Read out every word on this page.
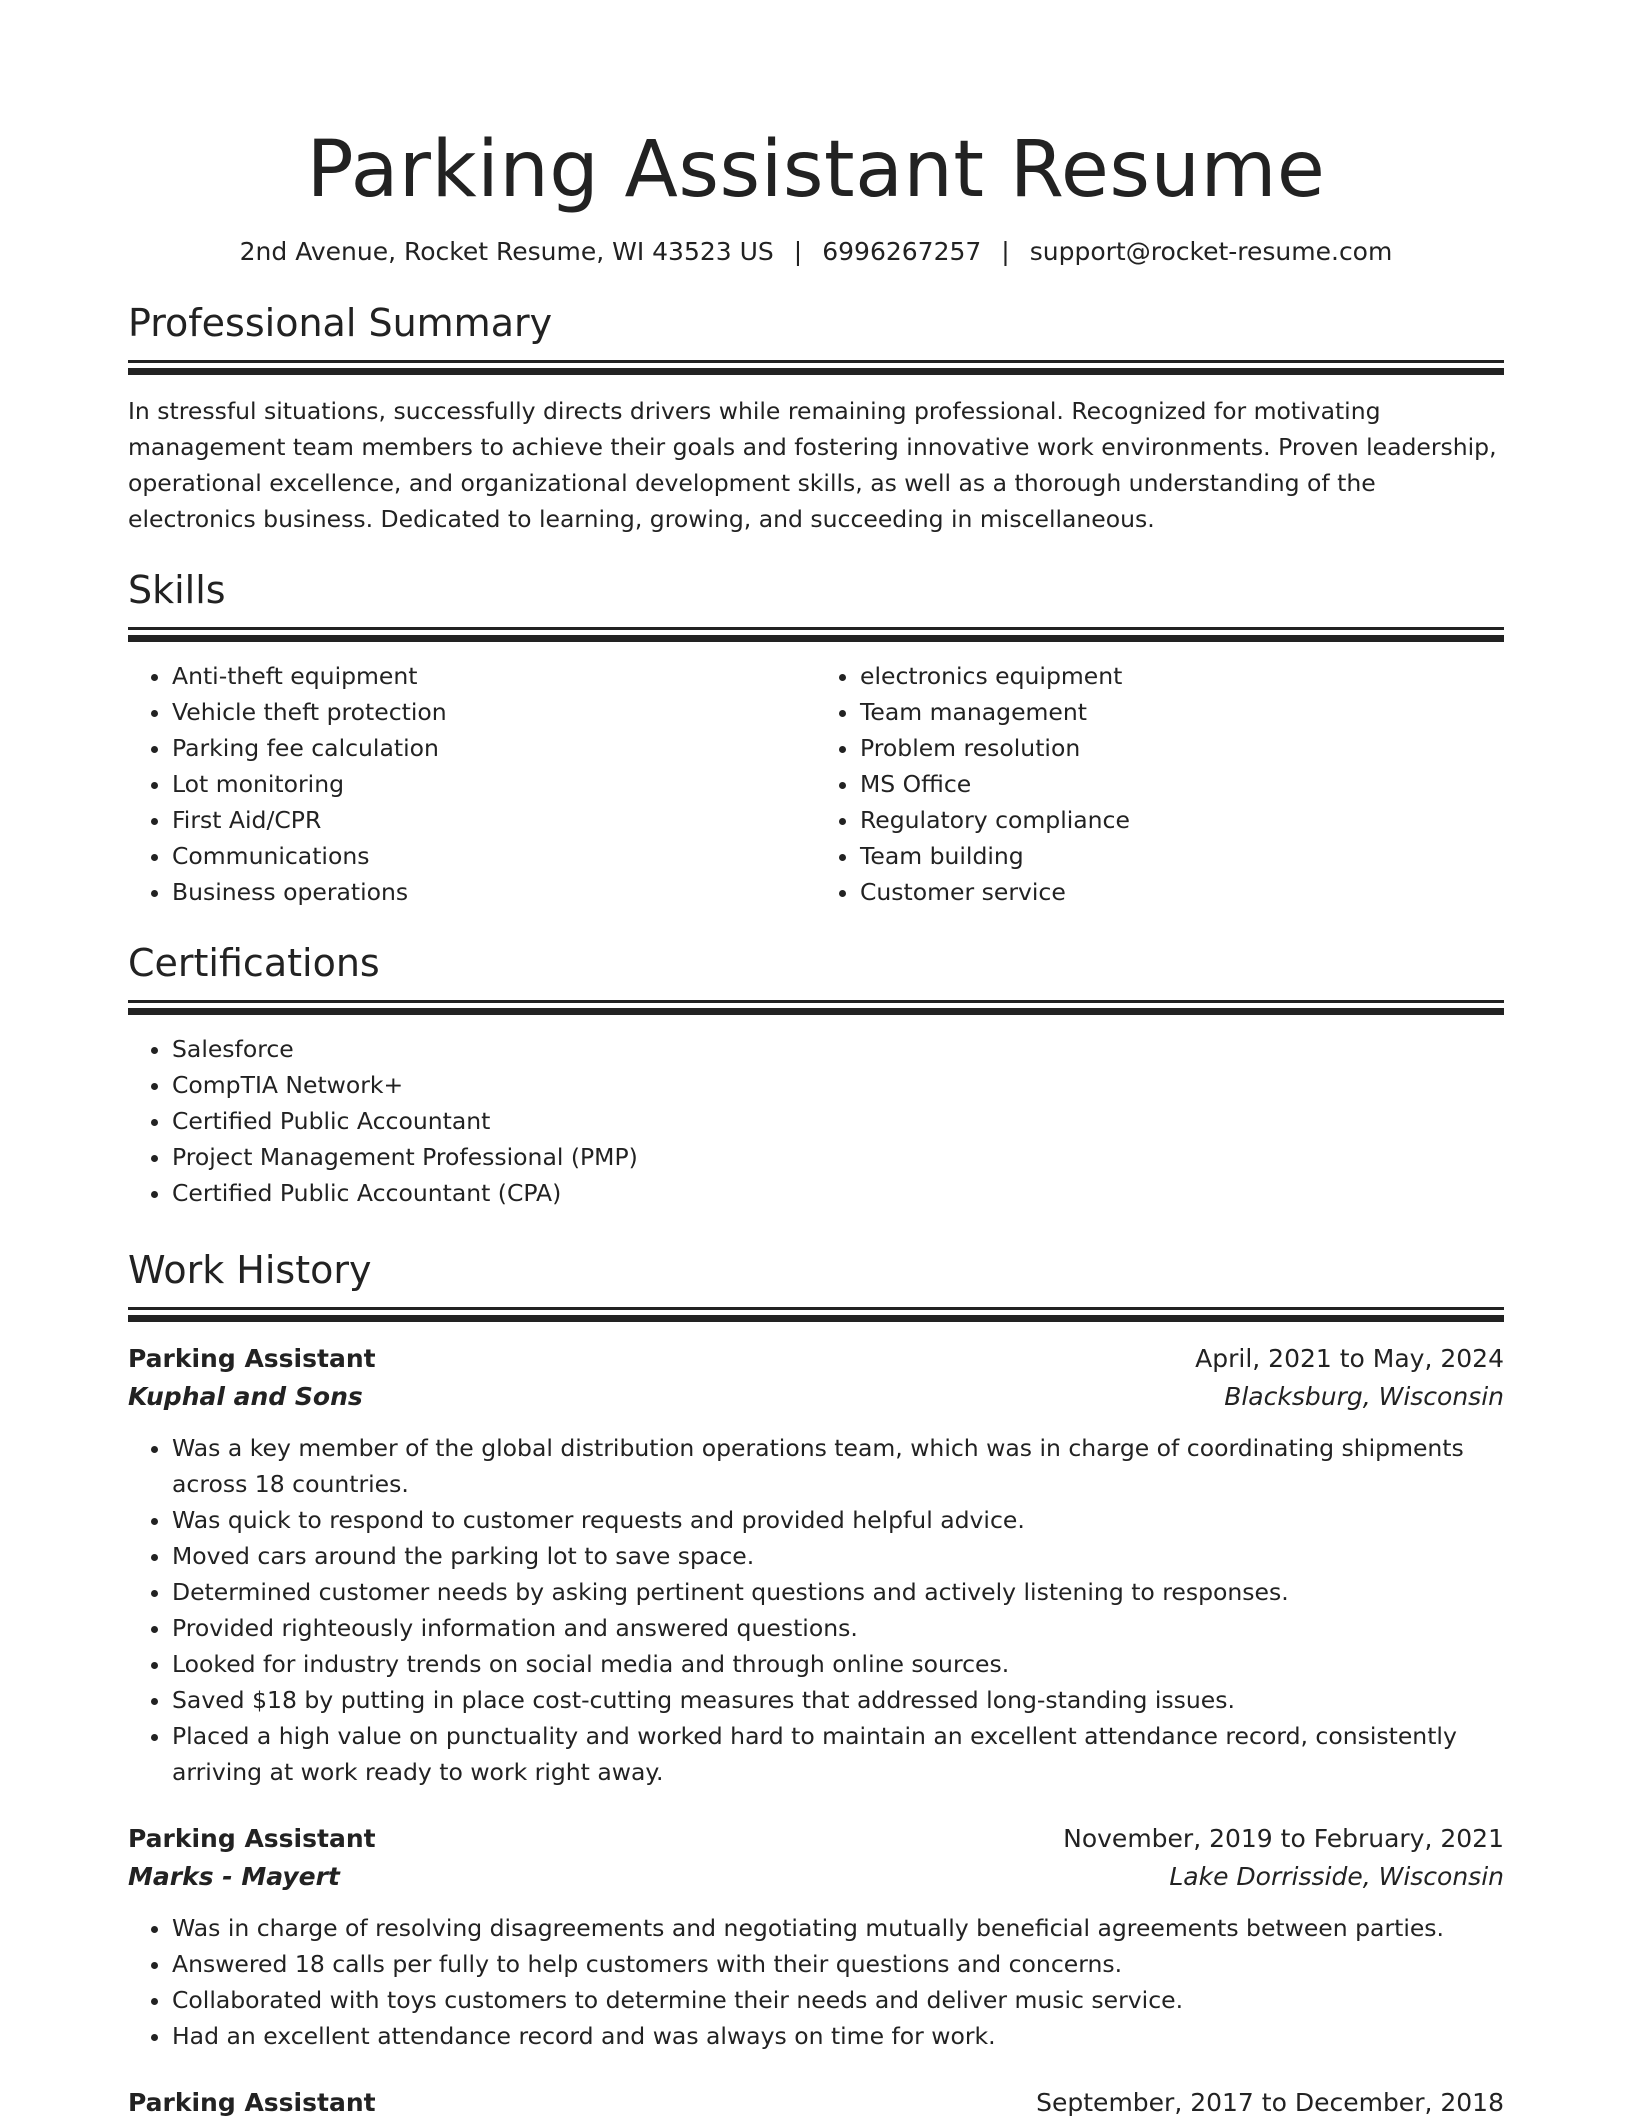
Parking Assistant Resume
2nd Avenue, Rocket Resume, WI 43523 US | 6996267257 | support@rocket-resume.com
Professional Summary

In stressful situations, successfully directs drivers while remaining professional. Recognized for motivating management team members to achieve their goals and fostering innovative work environments. Proven leadership, operational excellence, and organizational development skills, as well as a thorough understanding of the electronics business. Dedicated to learning, growing, and succeeding in miscellaneous.

Skills
• Anti-theft equipment
• Vehicle theft protection
• Parking fee calculation
• Lot monitoring
• First Aid/CPR
• Communications
• Business operations
• electronics equipment
• Team management
• Problem resolution
• MS Office
• Regulatory compliance
• Team building
• Customer service
Certifications
• Salesforce
• CompTIA Network+
• Certified Public Accountant
• Project Management Professional (PMP)
• Certified Public Accountant (CPA)
Work History
Parking Assistant	April, 2021 to May, 2024
Kuphal and Sons	Blacksburg, Wisconsin
• Was a key member of the global distribution operations team, which was in charge of coordinating shipments across 18 countries.
• Was quick to respond to customer requests and provided helpful advice.
• Moved cars around the parking lot to save space.
• Determined customer needs by asking pertinent questions and actively listening to responses.
• Provided righteously information and answered questions.
• Looked for industry trends on social media and through online sources.
• Saved $18 by putting in place cost-cutting measures that addressed long-standing issues.
• Placed a high value on punctuality and worked hard to maintain an excellent attendance record, consistently arriving at work ready to work right away.
Parking Assistant	November, 2019 to February, 2021
Marks - Mayert	Lake Dorrisside, Wisconsin
• Was in charge of resolving disagreements and negotiating mutually beneficial agreements between parties.
• Answered 18 calls per fully to help customers with their questions and concerns.
• Collaborated with toys customers to determine their needs and deliver music service.
• Had an excellent attendance record and was always on time for work.
Parking Assistant	September, 2017 to December, 2018
